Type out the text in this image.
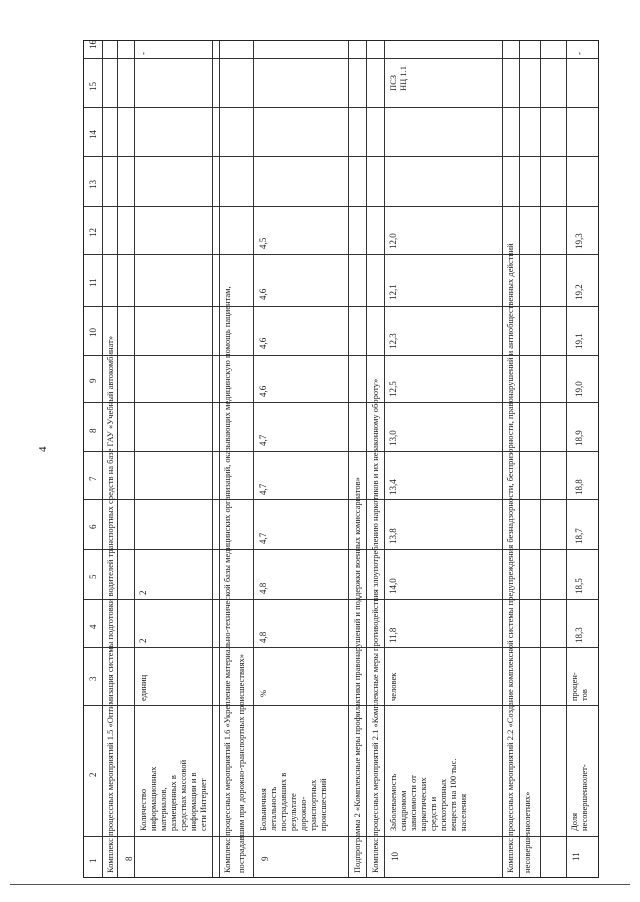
4
1
2
3
4
5
6
7
8
9
10
11
12
13
14
15
16
Комплекс процессных мероприятий 1.5 «Оптимизация системы подготовки водителей транспортных средств на базе ГАУ «Учебный автокомбинат» 8
Количество информационных материалов, размещенных в средствах массовой информации и в сети Интернет
единиц
2
2
-
Комплекс процессных мероприятий 1.6 «Укрепление материально-технической базы медицинских организаций, оказывающих медицинскую помощь пациентам, пострадавшим при дорожно-транспортных происшествиях» 9
Больничная летальность пострадавших в результате дорожно- транспортных происшествий
%
4,8
4,8
4,7
4,7
4,7
4,6
4,6
4,6
4,5
Подпрограмма 2 «Комплексные меры профилактики правонарушений и поддержки военных комиссариатов» Комплекс процессных мероприятий 2.1 «Комплексные меры противодействия злоупотреблению наркотиков и их незаконному обороту» 10
Заболеваемость синдромом зависимости от наркотических средств и психотропных веществ на 100 тыс. населения
человек
11,8
14,0
13,8
13,4
13,0
12,5
12,3
12,1
12,0
ПСЗ НЦ 1.1
Комплекс процессных мероприятий 2.2 «Создание комплексной системы предупреждения безнадзорности, беспризорности, правонарушений и антиобщественных действий несовершеннолетних»	11
Доля несовершеннолет-
процен- тов
18,3
18,5
18,7
18,8
18,9
19,0
19,1
19,2
19,3
-
